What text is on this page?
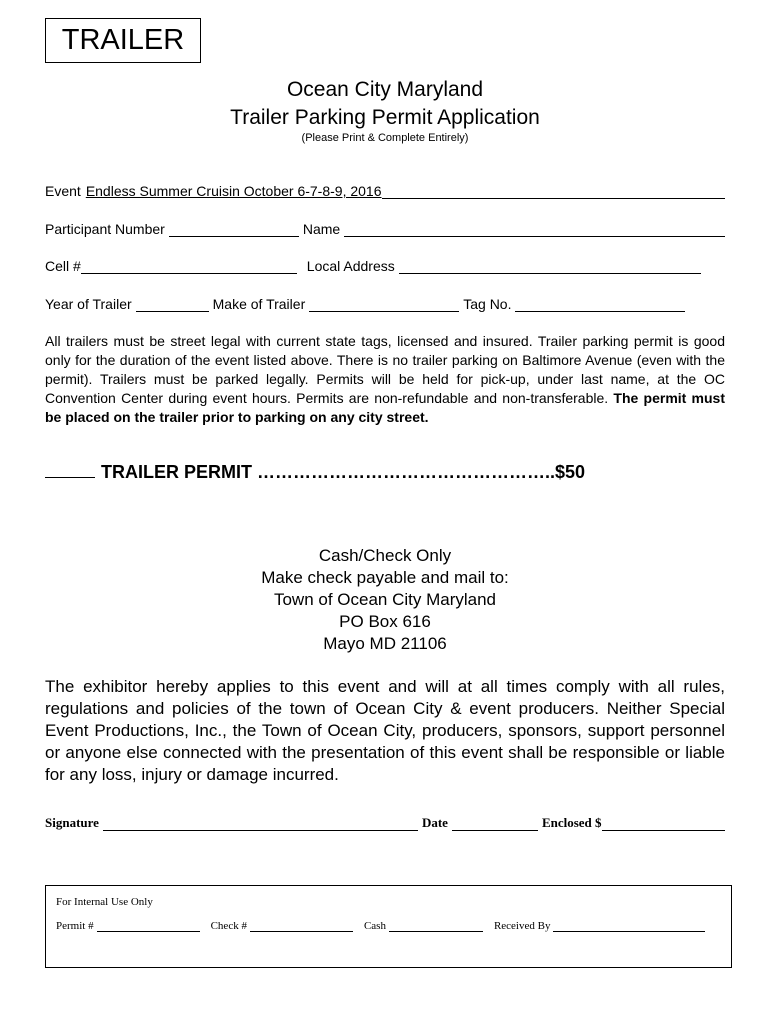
TRAILER
Ocean City Maryland
Trailer Parking Permit Application
(Please Print & Complete Entirely)
Event Endless Summer Cruisin October 6-7-8-9, 2016
Participant Number	Name
Cell #	Local Address
Year of Trailer	Make of Trailer	Tag No.
All trailers must be street legal with current state tags, licensed and insured. Trailer parking permit is good only for the duration of the event listed above. There is no trailer parking on Baltimore Avenue (even with the permit). Trailers must be parked legally. Permits will be held for pick-up, under last name, at the OC Convention Center during event hours. Permits are non-refundable and non-transferable. The permit must be placed on the trailer prior to parking on any city street.
TRAILER PERMIT …………………………………………..$50
Cash/Check Only
Make check payable and mail to:
Town of Ocean City Maryland
PO Box 616
Mayo MD 21106
The exhibitor hereby applies to this event and will at all times comply with all rules, regulations and policies of the town of Ocean City & event producers. Neither Special Event Productions, Inc., the Town of Ocean City, producers, sponsors, support personnel or anyone else connected with the presentation of this event shall be responsible or liable for any loss, injury or damage incurred.
Signature	Date	Enclosed $
For Internal Use Only
Permit #	Check #	Cash	Received By
